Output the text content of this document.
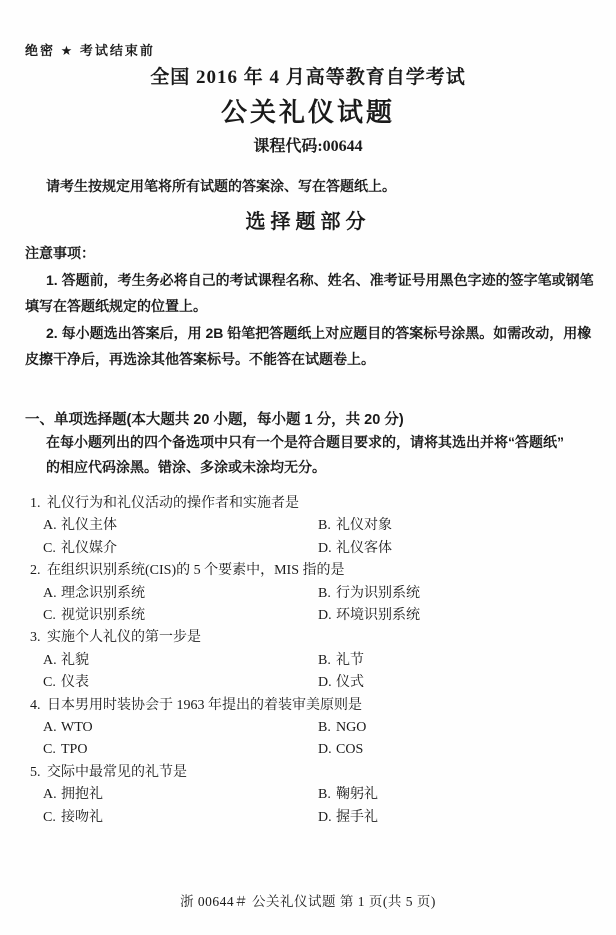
绝密 ★ 考试结束前
全国 2016 年 4 月高等教育自学考试
公关礼仪试题
课程代码:00644
请考生按规定用笔将所有试题的答案涂、写在答题纸上。
选择题部分
注意事项：
1. 答题前，考生务必将自己的考试课程名称、姓名、准考证号用黑色字迹的签字笔或钢笔
填写在答题纸规定的位置上。
2. 每小题选出答案后，用 2B 铅笔把答题纸上对应题目的答案标号涂黑。如需改动，用橡
皮擦干净后，再选涂其他答案标号。不能答在试题卷上。
一、单项选择题(本大题共 20 小题，每小题 1 分，共 20 分)
在每小题列出的四个备选项中只有一个是符合题目要求的，请将其选出并将“答题纸”
的相应代码涂黑。错涂、多涂或未涂均无分。
1. 礼仪行为和礼仪活动的操作者和实施者是
A. 礼仪主体	B. 礼仪对象
C. 礼仪媒介	D. 礼仪客体
2. 在组织识别系统(CIS)的 5 个要素中，MIS 指的是
A. 理念识别系统	B. 行为识别系统
C. 视觉识别系统	D. 环境识别系统
3. 实施个人礼仪的第一步是
A. 礼貌	B. 礼节
C. 仪表	D. 仪式
4. 日本男用时装协会于 1963 年提出的着装审美原则是
A. WTO	B. NGO
C. TPO	D. COS
5. 交际中最常见的礼节是
A. 拥抱礼	B. 鞠躬礼
C. 接吻礼	D. 握手礼
浙 00644＃ 公关礼仪试题 第 1 页(共 5 页)
